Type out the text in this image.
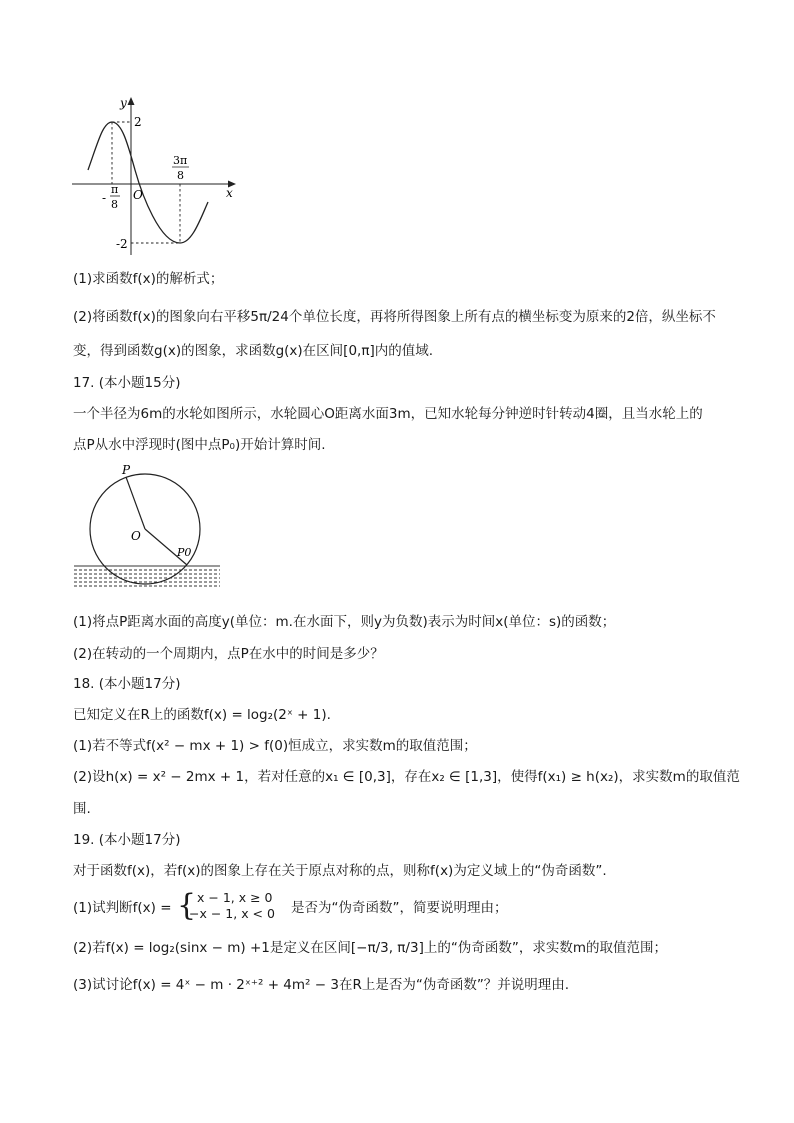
y
x
O
2
-2
-
π
8
3π
8
(1)求函数f(x)的解析式；
(2)将函数f(x)的图象向右平移5π/24个单位长度，再将所得图象上所有点的横坐标变为原来的2倍，纵坐标不
变，得到函数g(x)的图象，求函数g(x)在区间[0,π]内的值域.
17. (本小题15分)
一个半径为6m的水轮如图所示，水轮圆心O距离水面3m，已知水轮每分钟逆时针转动4圈，且当水轮上的
点P从水中浮现时(图中点P₀)开始计算时间.
P
O
P0
(1)将点P距离水面的高度y(单位：m.在水面下，则y为负数)表示为时间x(单位：s)的函数；
(2)在转动的一个周期内，点P在水中的时间是多少？
18. (本小题17分)
已知定义在R上的函数f(x) = log₂(2ˣ + 1).
(1)若不等式f(x² − mx + 1) > f(0)恒成立，求实数m的取值范围；
(2)设h(x) = x² − 2mx + 1，若对任意的x₁ ∈ [0,3]，存在x₂ ∈ [1,3]，使得f(x₁) ≥ h(x₂)，求实数m的取值范
围.
19. (本小题17分)
对于函数f(x)，若f(x)的图象上存在关于原点对称的点，则称f(x)为定义域上的“伪奇函数”.
(1)试判断f(x) = { x − 1, x ≥ 0
−x − 1, x < 0 是否为“伪奇函数”，简要说明理由；
(2)若f(x) = log₂(sinx − m) +1是定义在区间[−π/3, π/3]上的“伪奇函数”，求实数m的取值范围；
(3)试讨论f(x) = 4ˣ − m · 2ˣ⁺² + 4m² − 3在R上是否为“伪奇函数”？并说明理由.
